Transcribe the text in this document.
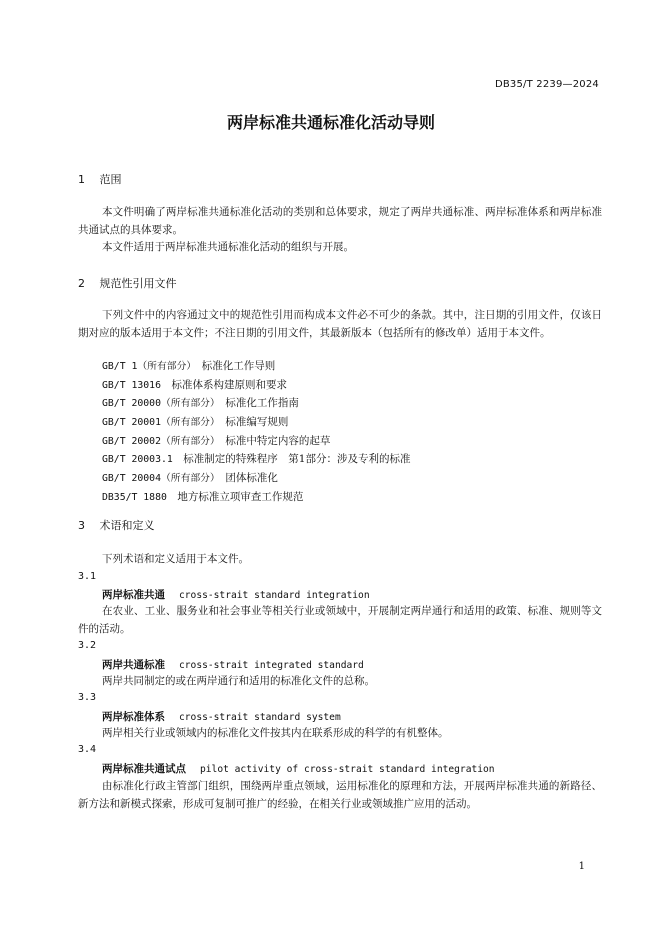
DB35/T 2239—2024
两岸标准共通标准化活动导则
1 范围
本文件明确了两岸标准共通标准化活动的类别和总体要求，规定了两岸共通标准、两岸标准体系和两岸标准共通试点的具体要求。
本文件适用于两岸标准共通标准化活动的组织与开展。
2 规范性引用文件
下列文件中的内容通过文中的规范性引用而构成本文件必不可少的条款。其中，注日期的引用文件，仅该日期对应的版本适用于本文件；不注日期的引用文件，其最新版本（包括所有的修改单）适用于本文件。
GB/T 1（所有部分）　 标准化工作导则
GB/T 13016　 标准体系构建原则和要求
GB/T 20000（所有部分）　 标准化工作指南
GB/T 20001（所有部分）　 标准编写规则
GB/T 20002（所有部分）　 标准中特定内容的起草
GB/T 20003.1　 标准制定的特殊程序　第1部分：涉及专利的标准
GB/T 20004（所有部分）　 团体标准化
DB35/T 1880　 地方标准立项审查工作规范
3 术语和定义
下列术语和定义适用于本文件。
3.1
两岸标准共通 cross-strait standard integration
在农业、工业、服务业和社会事业等相关行业或领域中，开展制定两岸通行和适用的政策、标准、规则等文件的活动。
3.2
两岸共通标准 cross-strait integrated standard
两岸共同制定的或在两岸通行和适用的标准化文件的总称。
3.3
两岸标准体系 cross-strait standard system
两岸相关行业或领域内的标准化文件按其内在联系形成的科学的有机整体。
3.4
两岸标准共通试点 pilot activity of cross-strait standard integration
由标准化行政主管部门组织，围绕两岸重点领域，运用标准化的原理和方法，开展两岸标准共通的新路径、新方法和新模式探索，形成可复制可推广的经验，在相关行业或领域推广应用的活动。
1
